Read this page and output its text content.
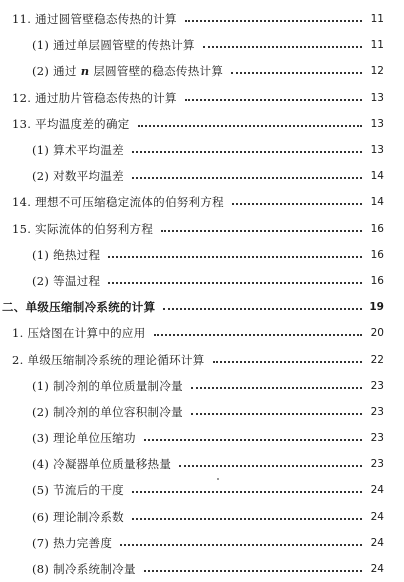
11. 通过圆管壁稳态传热的计算	11
(1) 通过单层圆管壁的传热计算	11
(2) 通过 n 层圆管壁的稳态传热计算	12
12. 通过肋片管稳态传热的计算	13
13. 平均温度差的确定	13
(1) 算术平均温差	13
(2) 对数平均温差	14
14. 理想不可压缩稳定流体的伯努利方程	14
15. 实际流体的伯努利方程	16
(1) 绝热过程	16
(2) 等温过程	16
二、单级压缩制冷系统的计算	19
1. 压焓图在计算中的应用	20
2. 单级压缩制冷系统的理论循环计算	22
(1) 制冷剂的单位质量制冷量	23
(2) 制冷剂的单位容积制冷量	23
(3) 理论单位压缩功	23
(4) 冷凝器单位质量移热量	23
(5) 节流后的干度	24
(6) 理论制冷系数	24
(7) 热力完善度	24
(8) 制冷系统制冷量	24
